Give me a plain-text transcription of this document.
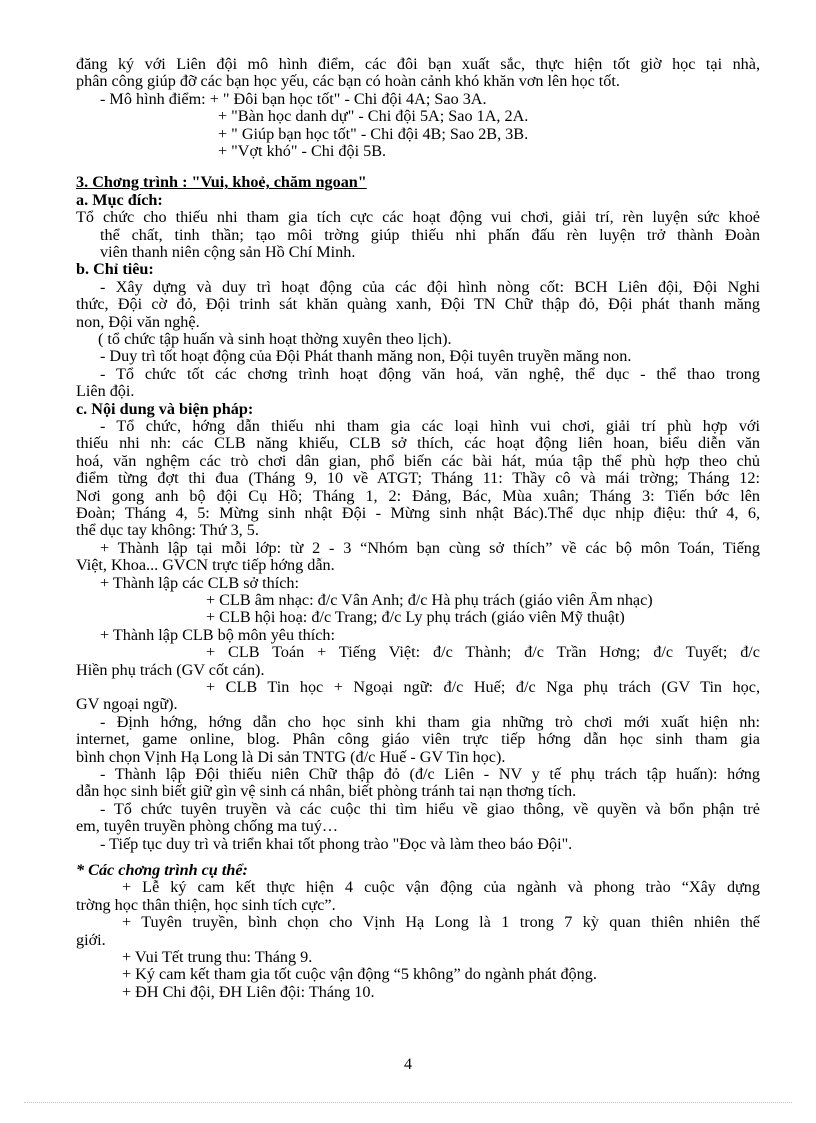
đăng ký với Liên đội mô hình điểm, các đôi bạn xuất sắc, thực hiện tốt giờ học tại nhà,
phân công giúp đỡ các bạn học yếu, các bạn có hoàn cảnh khó khăn vơn lên học tốt.
- Mô hình điểm: + " Đôi bạn học tốt" - Chi đội 4A; Sao 3A.
+ "Bàn học danh dự" - Chi đội 5A; Sao 1A, 2A.
+ " Giúp bạn học tốt" - Chi đội 4B; Sao 2B, 3B.
+ "Vợt khó" - Chi đội 5B.
3. Chơng trình : "Vui, khoẻ, chăm ngoan"
a. Mục đích:
Tổ chức cho thiếu nhi tham gia tích cực các hoạt động vui chơi, giải trí, rèn luyện sức khoẻ
thể chất, tinh thần; tạo môi trờng giúp thiếu nhi phấn đấu rèn luyện trở thành Đoàn
viên thanh niên cộng sản Hồ Chí Minh.
b. Chỉ tiêu:
- Xây dựng và duy trì hoạt động của các đội hình nòng cốt: BCH Liên đội, Đội Nghi
thức, Đội cờ đỏ, Đội trinh sát khăn quàng xanh, Đội TN Chữ thập đỏ, Đội phát thanh măng
non, Đội văn nghệ.
( tổ chức tập huấn và sinh hoạt thờng xuyên theo lịch).
- Duy trì tốt hoạt động của Đội Phát thanh măng non, Đội tuyên truyền măng non.
- Tổ chức tốt các chơng trình hoạt động văn hoá, văn nghệ, thể dục - thể thao trong
Liên đội.
c. Nội dung và biện pháp:
- Tổ chức, hớng dẫn thiếu nhi tham gia các loại hình vui chơi, giải trí phù hợp với
thiếu nhi nh: các CLB năng khiếu, CLB sở thích, các hoạt động liên hoan, biểu diễn văn
hoá, văn nghệm các trò chơi dân gian, phổ biến các bài hát, múa tập thể phù hợp theo chủ
điểm từng đợt thi đua (Tháng 9, 10 về ATGT; Tháng 11: Thầy cô và mái trờng; Tháng 12:
Nơi gong anh bộ đội Cụ Hồ; Tháng 1, 2: Đảng, Bác, Mùa xuân; Tháng 3: Tiến bớc lên
Đoàn; Tháng 4, 5: Mừng sinh nhật Đội - Mừng sinh nhật Bác).Thể dục nhịp điệu: thứ 4, 6,
thể dục tay không: Thứ 3, 5.
+ Thành lập tại mỗi lớp: từ 2 - 3 “Nhóm bạn cùng sở thích” về các bộ môn Toán, Tiếng
Việt, Khoa... GVCN trực tiếp hớng dẫn.
+ Thành lập các CLB sở thích:
+ CLB âm nhạc: đ/c Vân Anh; đ/c Hà phụ trách (giáo viên Âm nhạc)
+ CLB hội hoạ: đ/c Trang; đ/c Ly phụ trách (giáo viên Mỹ thuật)
+ Thành lập CLB bộ môn yêu thích:
+ CLB Toán + Tiếng Việt: đ/c Thành; đ/c Trần Hơng; đ/c Tuyết; đ/c
Hiền phụ trách (GV cốt cán).
+ CLB Tin học + Ngoại ngữ: đ/c Huế; đ/c Nga phụ trách (GV Tin học,
GV ngoại ngữ).
- Định hớng, hớng dẫn cho học sinh khi tham gia những trò chơi mới xuất hiện nh:
internet, game online, blog. Phân công giáo viên trực tiếp hớng dẫn học sinh tham gia
bình chọn Vịnh Hạ Long là Di sản TNTG (đ/c Huế - GV Tin học).
- Thành lập Đội thiếu niên Chữ thập đỏ (đ/c Liên - NV y tế phụ trách tập huấn): hớng
dẫn học sinh biết giữ gìn vệ sinh cá nhân, biết phòng tránh tai nạn thơng tích.
- Tổ chức tuyên truyền và các cuộc thi tìm hiểu về giao thông, về quyền và bổn phận trẻ
em, tuyên truyền phòng chống ma tuý…
- Tiếp tục duy trì và triển khai tốt phong trào "Đọc và làm theo báo Đội".
* Các chơng trình cụ thể:
+ Lễ ký cam kết thực hiện 4 cuộc vận động của ngành và phong trào “Xây dựng
trờng học thân thiện, học sinh tích cực”.
+ Tuyên truyền, bình chọn cho Vịnh Hạ Long là 1 trong 7 kỳ quan thiên nhiên thế
giới.
+ Vui Tết trung thu: Tháng 9.
+ Ký cam kết tham gia tốt cuộc vận động “5 không” do ngành phát động.
+ ĐH Chi đội, ĐH Liên đội: Tháng 10.
4
